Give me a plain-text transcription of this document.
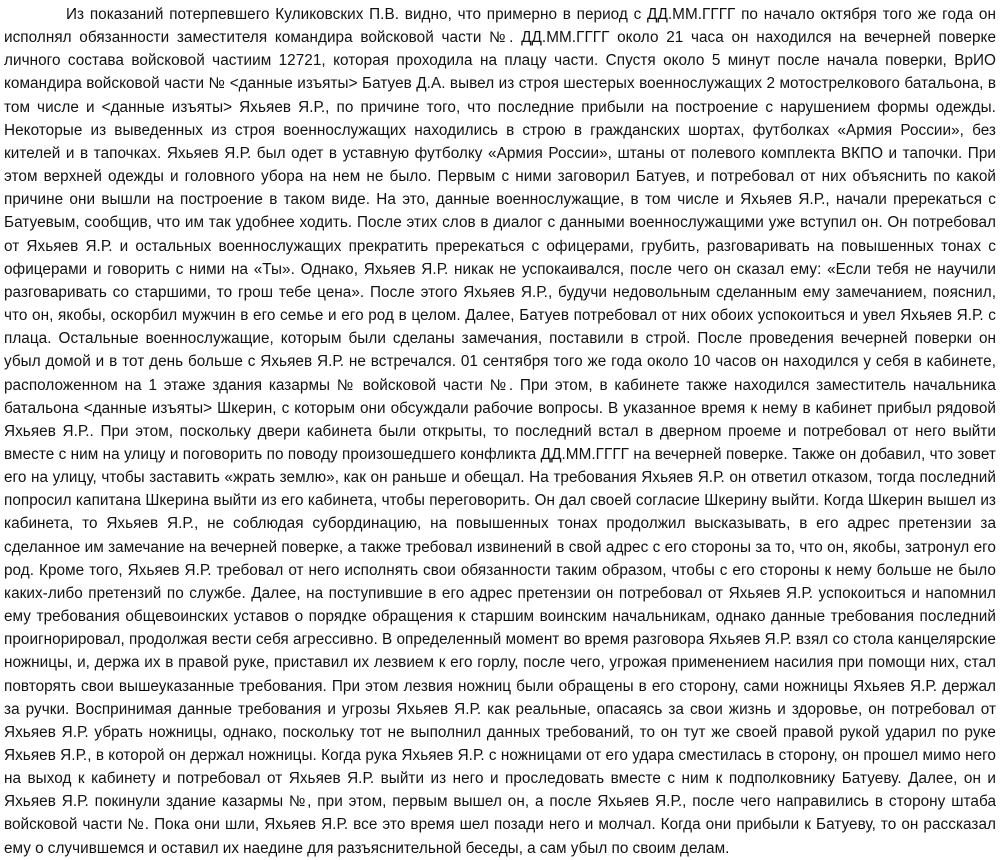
Из показаний потерпевшего Куликовских П.В. видно, что примерно в период с ДД.ММ.ГГГГ по начало октября того же года он исполнял обязанности заместителя командира войсковой части №. ДД.ММ.ГГГГ около 21 часа он находился на вечерней поверке личного состава войсковой частиим 12721, которая проходила на плацу части. Спустя около 5 минут после начала поверки, ВрИО командира войсковой части № <данные изъяты> Батуев Д.А. вывел из строя шестерых военнослужащих 2 мотострелкового батальона, в том числе и <данные изъяты> Яхьяев Я.Р., по причине того, что последние прибыли на построение с нарушением формы одежды. Некоторые из выведенных из строя военнослужащих находились в строю в гражданских шортах, футболках «Армия России», без кителей и в тапочках. Яхьяев Я.Р. был одет в уставную футболку «Армия России», штаны от полевого комплекта ВКПО и тапочки. При этом верхней одежды и головного убора на нем не было. Первым с ними заговорил Батуев, и потребовал от них объяснить по какой причине они вышли на построение в таком виде. На это, данные военнослужащие, в том числе и Яхьяев Я.Р., начали пререкаться с Батуевым, сообщив, что им так удобнее ходить. После этих слов в диалог с данными военнослужащими уже вступил он. Он потребовал от Яхьяев Я.Р. и остальных военнослужащих прекратить пререкаться с офицерами, грубить, разговаривать на повышенных тонах с офицерами и говорить с ними на «Ты». Однако, Яхьяев Я.Р. никак не успокаивался, после чего он сказал ему: «Если тебя не научили разговаривать со старшими, то грош тебе цена». После этого Яхьяев Я.Р., будучи недовольным сделанным ему замечанием, пояснил, что он, якобы, оскорбил мужчин в его семье и его род в целом. Далее, Батуев потребовал от них обоих успокоиться и увел Яхьяев Я.Р. с плаца. Остальные военнослужащие, которым были сделаны замечания, поставили в строй. После проведения вечерней поверки он убыл домой и в тот день больше с Яхьяев Я.Р. не встречался. 01 сентября того же года около 10 часов он находился у себя в кабинете, расположенном на 1 этаже здания казармы № войсковой части №. При этом, в кабинете также находился заместитель начальника батальона <данные изъяты> Шкерин, с которым они обсуждали рабочие вопросы. В указанное время к нему в кабинет прибыл рядовой Яхьяев Я.Р.. При этом, поскольку двери кабинета были открыты, то последний встал в дверном проеме и потребовал от него выйти вместе с ним на улицу и поговорить по поводу произошедшего конфликта ДД.ММ.ГГГГ на вечерней поверке. Также он добавил, что зовет его на улицу, чтобы заставить «жрать землю», как он раньше и обещал. На требования Яхьяев Я.Р. он ответил отказом, тогда последний попросил капитана Шкерина выйти из его кабинета, чтобы переговорить. Он дал своей согласие Шкерину выйти. Когда Шкерин вышел из кабинета, то Яхьяев Я.Р., не соблюдая субординацию, на повышенных тонах продолжил высказывать, в его адрес претензии за сделанное им замечание на вечерней поверке, а также требовал извинений в свой адрес с его стороны за то, что он, якобы, затронул его род. Кроме того, Яхьяев Я.Р. требовал от него исполнять свои обязанности таким образом, чтобы с его стороны к нему больше не было каких-либо претензий по службе. Далее, на поступившие в его адрес претензии он потребовал от Яхьяев Я.Р. успокоиться и напомнил ему требования общевоинских уставов о порядке обращения к старшим воинским начальникам, однако данные требования последний проигнорировал, продолжая вести себя агрессивно. В определенный момент во время разговора Яхьяев Я.Р. взял со стола канцелярские ножницы, и, держа их в правой руке, приставил их лезвием к его горлу, после чего, угрожая применением насилия при помощи них, стал повторять свои вышеуказанные требования. При этом лезвия ножниц были обращены в его сторону, сами ножницы Яхьяев Я.Р. держал за ручки. Воспринимая данные требования и угрозы Яхьяев Я.Р. как реальные, опасаясь за свои жизнь и здоровье, он потребовал от Яхьяев Я.Р. убрать ножницы, однако, поскольку тот не выполнил данных требований, то он тут же своей правой рукой ударил по руке Яхьяев Я.Р., в которой он держал ножницы. Когда рука Яхьяев Я.Р. с ножницами от его удара сместилась в сторону, он прошел мимо него на выход к кабинету и потребовал от Яхьяев Я.Р. выйти из него и проследовать вместе с ним к подполковнику Батуеву. Далее, он и Яхьяев Я.Р. покинули здание казармы №, при этом, первым вышел он, а после Яхьяев Я.Р., после чего направились в сторону штаба войсковой части №. Пока они шли, Яхьяев Я.Р. все это время шел позади него и молчал. Когда они прибыли к Батуеву, то он рассказал ему о случившемся и оставил их наедине для разъяснительной беседы, а сам убыл по своим делам.
